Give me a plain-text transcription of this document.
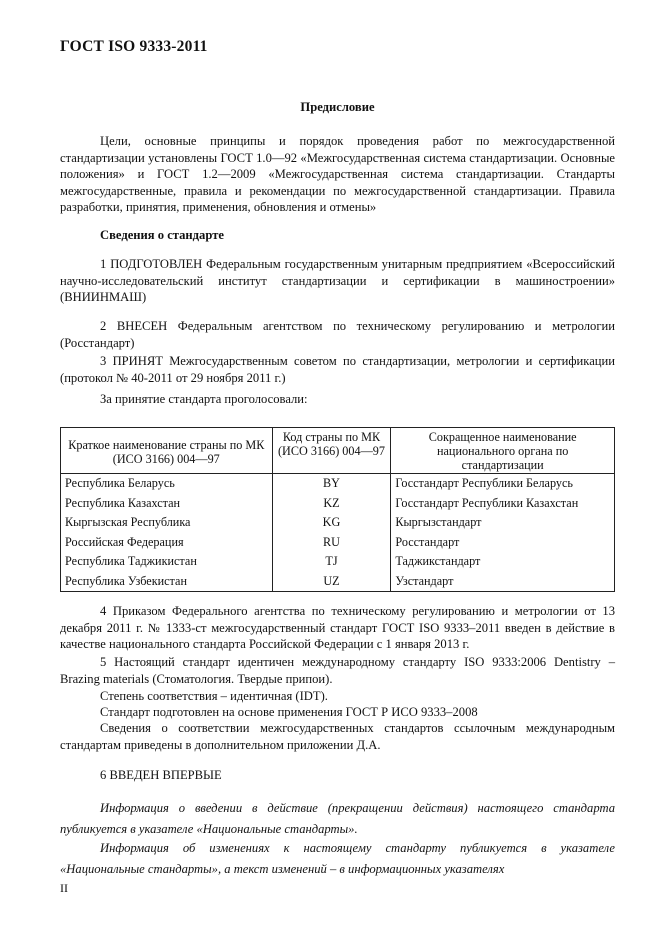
ГОСТ ISO 9333-2011
Предисловие

Цели, основные принципы и порядок проведения работ по межгосударственной стандартизации установлены ГОСТ 1.0—92 «Межгосударственная система стандартизации. Основные положения» и ГОСТ 1.2—2009 «Межгосударственная система стандартизации. Стандарты межгосударственные, правила и рекомендации по межгосударственной стандартизации. Правила разработки, принятия, применения, обновления и отмены»

Сведения о стандарте

1 ПОДГОТОВЛЕН Федеральным государственным унитарным предприятием «Всероссийский научно-исследовательский институт стандартизации и сертификации в машиностроении» (ВНИИНМАШ)

2 ВНЕСЕН Федеральным агентством по техническому регулированию и метрологии (Росстандарт)

3 ПРИНЯТ Межгосударственным советом по стандартизации, метрологии и сертификации (протокол № 40-2011 от 29 ноября 2011 г.)

За принятие стандарта проголосовали:

Краткое наименование страны по МК (ИСО 3166) 004—97	Код страны по МК (ИСО 3166) 004—97	Сокращенное наименование национального органа по стандартизации
Республика Беларусь	BY	Госстандарт Республики Беларусь
Республика Казахстан	KZ	Госстандарт Республики Казахстан
Кыргызская Республика	KG	Кыргызстандарт
Российская Федерация	RU	Росстандарт
Республика Таджикистан	TJ	Таджикстандарт
Республика Узбекистан	UZ	Узстандарт

4 Приказом Федерального агентства по техническому регулированию и метрологии от 13 декабря 2011 г. № 1333-ст межгосударственный стандарт ГОСТ ISO 9333–2011 введен в действие в качестве национального стандарта Российской Федерации с 1 января 2013 г.

5 Настоящий стандарт идентичен международному стандарту ISO 9333:2006 Dentistry – Brazing materials (Стоматология. Твердые припои).

Степень соответствия – идентичная (IDT).

Стандарт подготовлен на основе применения ГОСТ Р ИСО 9333–2008

Сведения о соответствии межгосударственных стандартов ссылочным международным стандартам приведены в дополнительном приложении Д.А.

6 ВВЕДЕН ВПЕРВЫЕ

Информация о введении в действие (прекращении действия) настоящего стандарта публикуется в указателе «Национальные стандарты».

Информация об изменениях к настоящему стандарту публикуется в указателе «Национальные стандарты», а текст изменений – в информационных указателях

II
